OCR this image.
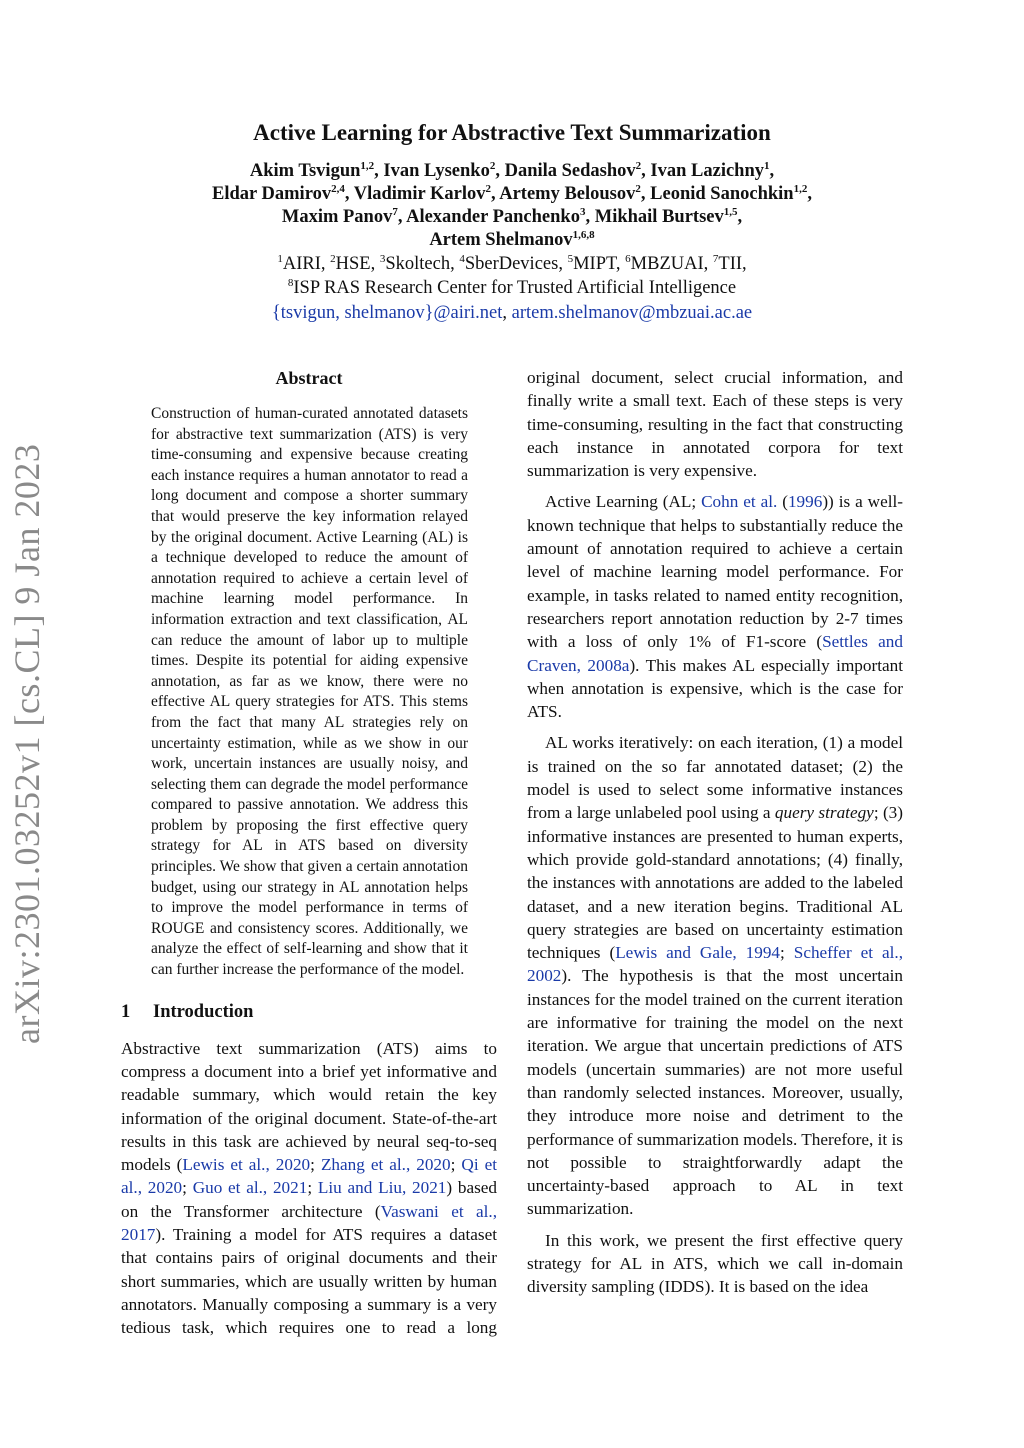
arXiv:2301.03252v1 [cs.CL] 9 Jan 2023
Active Learning for Abstractive Text Summarization

Akim Tsvigun$^{1,2}$, Ivan Lysenko$^2$, Danila Sedashov$^2$, Ivan Lazichny$^1$,

Eldar Damirov$^{2,4}$, Vladimir Karlov$^2$, Artemy Belousov$^2$, Leonid Sanochkin$^{1,2}$,

Maxim Panov$^7$, Alexander Panchenko$^3$, Mikhail Burtsev$^{1,5}$,

Artem Shelmanov$^{1,6,8}$

$^1$AIRI, $^2$HSE, $^3$Skoltech, $^4$SberDevices, $^5$MIPT, $^6$MBZUAI, $^7$TII,

$^8$ISP RAS Research Center for Trusted Artificial Intelligence

{tsvigun, shelmanov}@airi.net, artem.shelmanov@mbzuai.ac.ae

Abstract

Construction of human-curated annotated datasets for abstractive text summarization (ATS) is very time-consuming and expensive because creating each instance requires a human annotator to read a long document and compose a shorter summary that would preserve the key information relayed by the original document. Active Learning (AL) is a technique developed to reduce the amount of annotation required to achieve a certain level of machine learning model performance. In information extraction and text classification, AL can reduce the amount of labor up to multiple times. Despite its potential for aiding expensive annotation, as far as we know, there were no effective AL query strategies for ATS. This stems from the fact that many AL strategies rely on uncertainty estimation, while as we show in our work, uncertain instances are usually noisy, and selecting them can degrade the model performance compared to passive annotation. We address this problem by proposing the first effective query strategy for AL in ATS based on diversity principles. We show that given a certain annotation budget, using our strategy in AL annotation helps to improve the model performance in terms of ROUGE and consistency scores. Additionally, we analyze the effect of self-learning and show that it can further increase the performance of the model.

1 Introduction

Abstractive text summarization (ATS) aims to compress a document into a brief yet informative and readable summary, which would retain the key information of the original document. State-of-the-art results in this task are achieved by neural seq-to-seq models (Lewis et al., 2020; Zhang et al., 2020; Qi et al., 2020; Guo et al., 2021; Liu and Liu, 2021) based on the Transformer architecture (Vaswani et al., 2017). Training a model for ATS requires a dataset that contains pairs of original documents and their short summaries, which are usually written by human annotators. Manually composing a summary is a very tedious task, which requires one to read a long

original document, select crucial information, and finally write a small text. Each of these steps is very time-consuming, resulting in the fact that constructing each instance in annotated corpora for text summarization is very expensive.

Active Learning (AL; Cohn et al. (1996)) is a well-known technique that helps to substantially reduce the amount of annotation required to achieve a certain level of machine learning model performance. For example, in tasks related to named entity recognition, researchers report annotation reduction by 2-7 times with a loss of only 1% of F1-score (Settles and Craven, 2008a). This makes AL especially important when annotation is expensive, which is the case for ATS.

AL works iteratively: on each iteration, (1) a model is trained on the so far annotated dataset; (2) the model is used to select some informative instances from a large unlabeled pool using a query strategy; (3) informative instances are presented to human experts, which provide gold-standard annotations; (4) finally, the instances with annotations are added to the labeled dataset, and a new iteration begins. Traditional AL query strategies are based on uncertainty estimation techniques (Lewis and Gale, 1994; Scheffer et al., 2002). The hypothesis is that the most uncertain instances for the model trained on the current iteration are informative for training the model on the next iteration. We argue that uncertain predictions of ATS models (uncertain summaries) are not more useful than randomly selected instances. Moreover, usually, they introduce more noise and detriment to the performance of summarization models. Therefore, it is not possible to straightforwardly adapt the uncertainty-based approach to AL in text summarization.

In this work, we present the first effective query strategy for AL in ATS, which we call in-domain diversity sampling (IDDS). It is based on the idea
